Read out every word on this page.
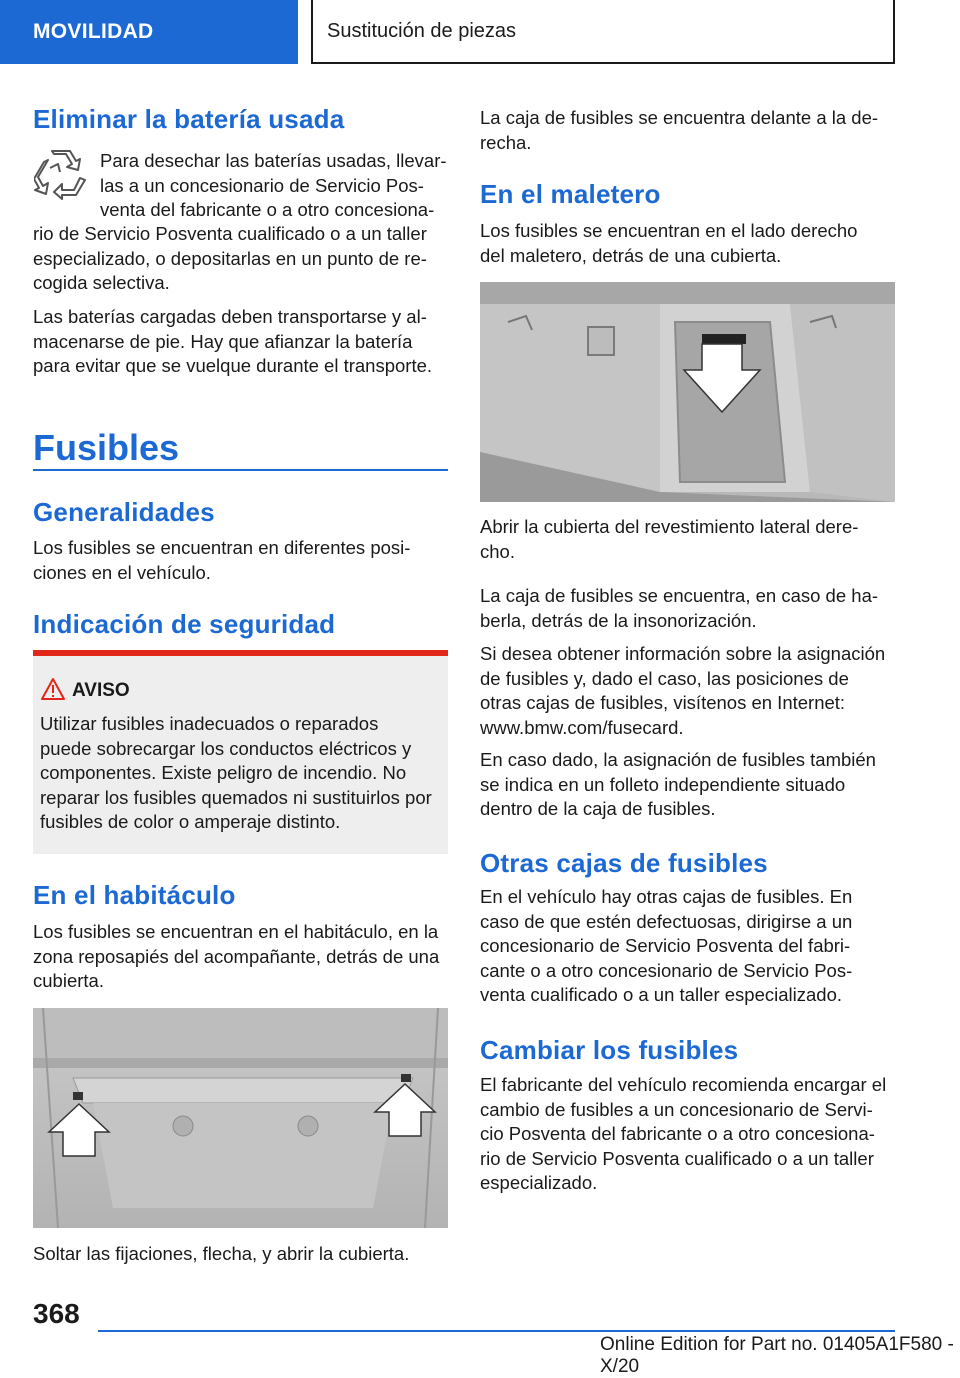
MOVILIDAD	Sustitución de piezas
Eliminar la batería usada

Para desechar las baterías usadas, llevar-

las a un concesionario de Servicio Pos-

venta del fabricante o a otro concesiona-

rio de Servicio Posventa cualificado o a un taller

especializado, o depositarlas en un punto de re-

cogida selectiva.

Las baterías cargadas deben transportarse y al-

macenarse de pie. Hay que afianzar la batería

para evitar que se vuelque durante el transporte.

Fusibles
Generalidades

Los fusibles se encuentran en diferentes posi-

ciones en el vehículo.

Indicación de seguridad
AVISO

Utilizar fusibles inadecuados o reparados

puede sobrecargar los conductos eléctricos y

componentes. Existe peligro de incendio. No

reparar los fusibles quemados ni sustituirlos por

fusibles de color o amperaje distinto.

En el habitáculo

Los fusibles se encuentran en el habitáculo, en la

zona reposapiés del acompañante, detrás de una

cubierta.

Soltar las fijaciones, flecha, y abrir la cubierta.

La caja de fusibles se encuentra delante a la de-

recha.

En el maletero

Los fusibles se encuentran en el lado derecho

del maletero, detrás de una cubierta.

Abrir la cubierta del revestimiento lateral dere-

cho.

La caja de fusibles se encuentra, en caso de ha-

berla, detrás de la insonorización.

Si desea obtener información sobre la asignación

de fusibles y, dado el caso, las posiciones de

otras cajas de fusibles, visítenos en Internet:

www.bmw.com/fusecard.

En caso dado, la asignación de fusibles también

se indica en un folleto independiente situado

dentro de la caja de fusibles.

Otras cajas de fusibles

En el vehículo hay otras cajas de fusibles. En

caso de que estén defectuosas, dirigirse a un

concesionario de Servicio Posventa del fabri-

cante o a otro concesionario de Servicio Pos-

venta cualificado o a un taller especializado.

Cambiar los fusibles

El fabricante del vehículo recomienda encargar el

cambio de fusibles a un concesionario de Servi-

cio Posventa del fabricante o a otro concesiona-

rio de Servicio Posventa cualificado o a un taller

especializado.

368
Online Edition for Part no. 01405A1F580 - X/20
